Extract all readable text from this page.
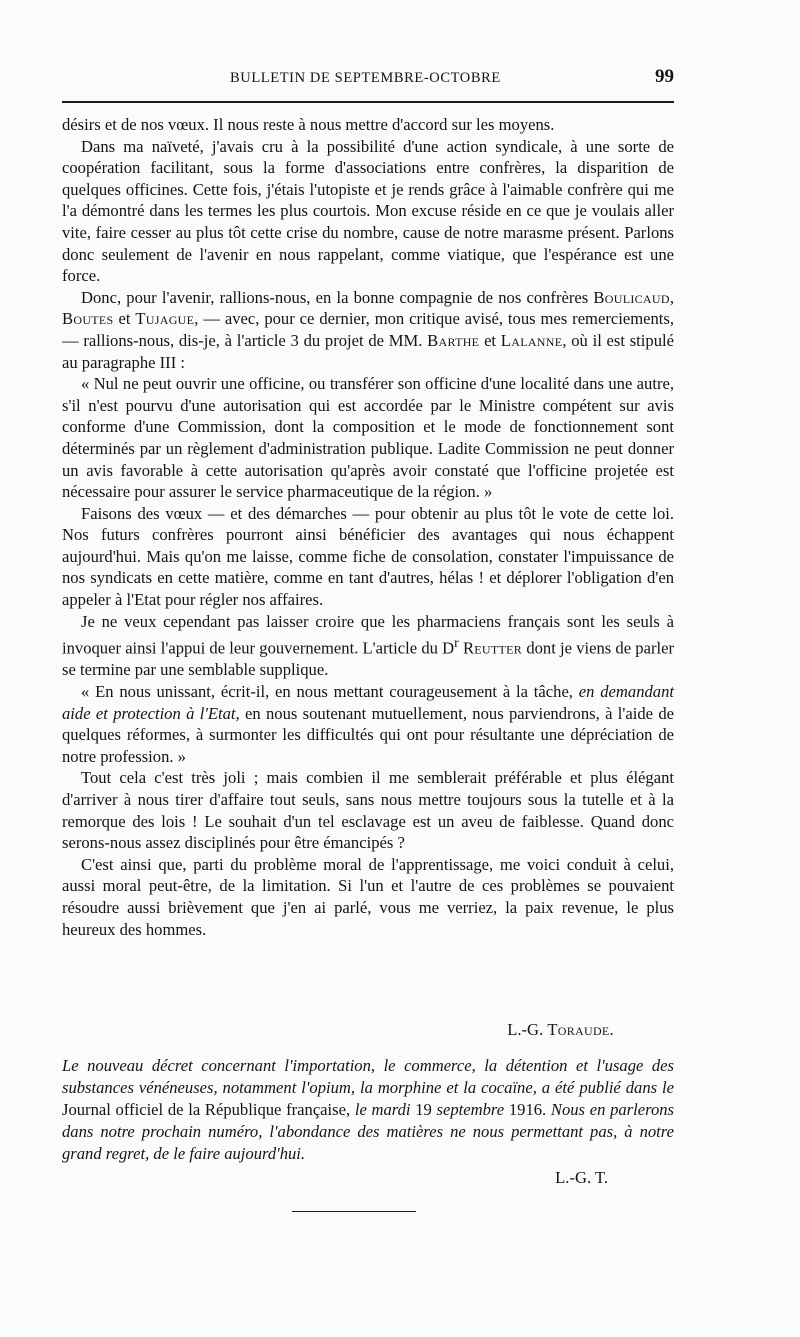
BULLETIN DE SEPTEMBRE-OCTOBRE	99

désirs et de nos vœux. Il nous reste à nous mettre d'accord sur les moyens.

Dans ma naïveté, j'avais cru à la possibilité d'une action syndicale, à une sorte de coopération facilitant, sous la forme d'associations entre confrères, la disparition de quelques officines. Cette fois, j'étais l'utopiste et je rends grâce à l'aimable confrère qui me l'a démontré dans les termes les plus courtois. Mon excuse réside en ce que je voulais aller vite, faire cesser au plus tôt cette crise du nombre, cause de notre marasme présent. Parlons donc seulement de l'avenir en nous rappelant, comme viatique, que l'espérance est une force.

Donc, pour l'avenir, rallions-nous, en la bonne compagnie de nos confrères Boulicaud, Boutes et Tujague, — avec, pour ce dernier, mon critique avisé, tous mes remerciements, — rallions-nous, dis-je, à l'article 3 du projet de MM. Barthe et Lalanne, où il est stipulé au paragraphe III :

« Nul ne peut ouvrir une officine, ou transférer son officine d'une localité dans une autre, s'il n'est pourvu d'une autorisation qui est accordée par le Ministre compétent sur avis conforme d'une Commission, dont la composition et le mode de fonctionnement sont déterminés par un règlement d'administration publique. Ladite Commission ne peut donner un avis favorable à cette autorisation qu'après avoir constaté que l'officine projetée est nécessaire pour assurer le service pharmaceutique de la région. »

Faisons des vœux — et des démarches — pour obtenir au plus tôt le vote de cette loi. Nos futurs confrères pourront ainsi bénéficier des avantages qui nous échappent aujourd'hui. Mais qu'on me laisse, comme fiche de consolation, constater l'impuissance de nos syndicats en cette matière, comme en tant d'autres, hélas ! et déplorer l'obligation d'en appeler à l'Etat pour régler nos affaires.

Je ne veux cependant pas laisser croire que les pharmaciens français sont les seuls à invoquer ainsi l'appui de leur gouvernement. L'article du $D^r$ Reutter dont je viens de parler se termine par une semblable supplique.

« En nous unissant, écrit-il, en nous mettant courageusement à la tâche, en demandant aide et protection à l'Etat, en nous soutenant mutuellement, nous parviendrons, à l'aide de quelques réformes, à surmonter les difficultés qui ont pour résultante une dépréciation de notre profession. »

Tout cela c'est très joli ; mais combien il me semblerait préférable et plus élégant d'arriver à nous tirer d'affaire tout seuls, sans nous mettre toujours sous la tutelle et à la remorque des lois ! Le souhait d'un tel esclavage est un aveu de faiblesse. Quand donc serons-nous assez disciplinés pour être émancipés ?

C'est ainsi que, parti du problème moral de l'apprentissage, me voici conduit à celui, aussi moral peut-être, de la limitation. Si l'un et l'autre de ces problèmes se pouvaient résoudre aussi brièvement que j'en ai parlé, vous me verriez, la paix revenue, le plus heureux des hommes.

L.-G. Toraude.

Le nouveau décret concernant l'importation, le commerce, la détention et l'usage des substances vénéneuses, notamment l'opium, la morphine et la cocaïne, a été publié dans le Journal officiel de la République française, le mardi 19 septembre 1916. Nous en parlerons dans notre prochain numéro, l'abondance des matières ne nous permettant pas, à notre grand regret, de le faire aujourd'hui.

L.-G. T.
